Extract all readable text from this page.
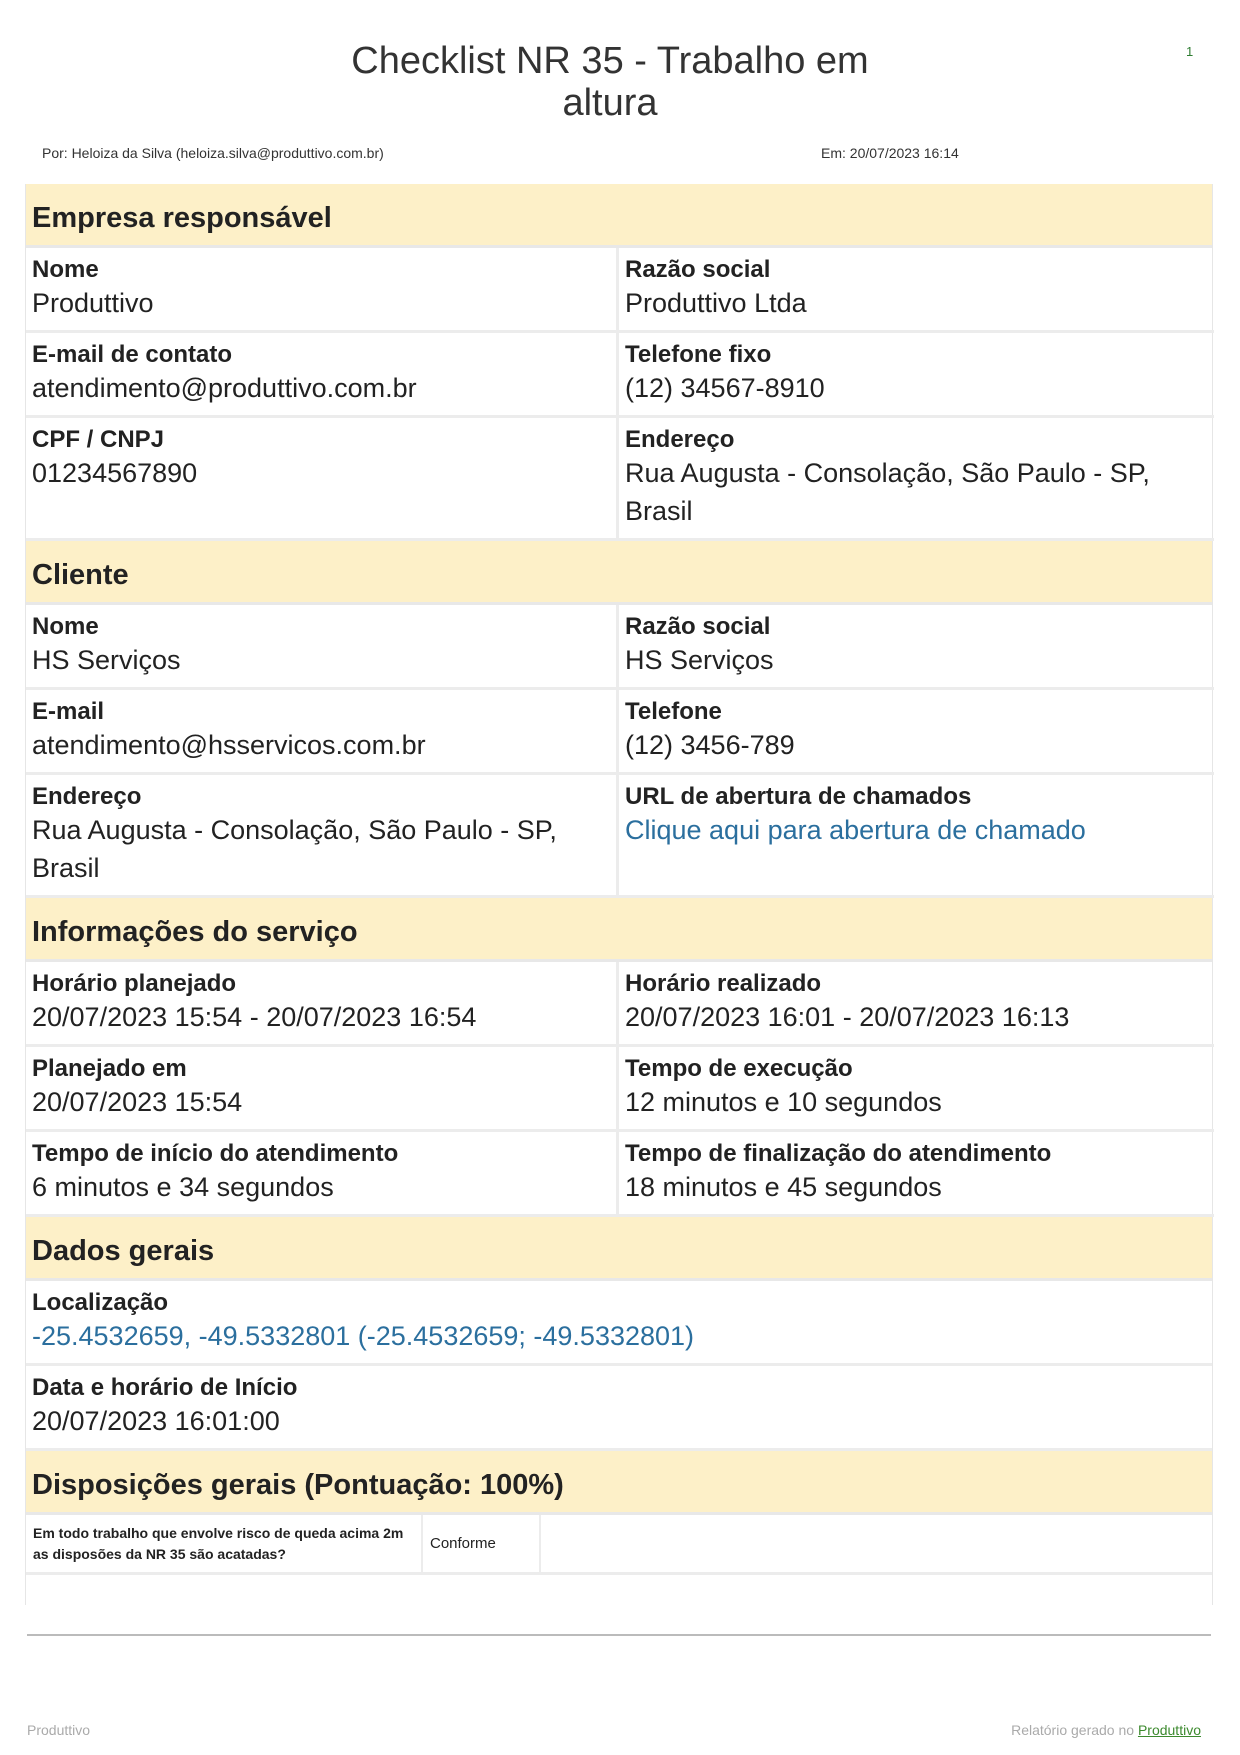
Checklist NR 35 - Trabalho em
altura
1
Por: Heloiza da Silva (heloiza.silva@produttivo.com.br)	Em: 20/07/2023 16:14
Empresa responsável
Nome
Produttivo
Razão social
Produttivo Ltda
E-mail de contato
atendimento@produttivo.com.br
Telefone fixo
(12) 34567-8910
CPF / CNPJ
01234567890
Endereço
Rua Augusta - Consolação, São Paulo - SP, Brasil
Cliente
Nome
HS Serviços
Razão social
HS Serviços
E-mail
atendimento@hsservicos.com.br
Telefone
(12) 3456-789
Endereço
Rua Augusta - Consolação, São Paulo - SP, Brasil
URL de abertura de chamados
Clique aqui para abertura de chamado
Informações do serviço
Horário planejado
20/07/2023 15:54 - 20/07/2023 16:54
Horário realizado
20/07/2023 16:01 - 20/07/2023 16:13
Planejado em
20/07/2023 15:54
Tempo de execução
12 minutos e 10 segundos
Tempo de início do atendimento
6 minutos e 34 segundos
Tempo de finalização do atendimento
18 minutos e 45 segundos
Dados gerais
Localização
-25.4532659, -49.5332801 (-25.4532659; -49.5332801)
Data e horário de Início
20/07/2023 16:01:00
Disposições gerais (Pontuação: 100%)
Em todo trabalho que envolve risco de queda acima 2m as disposões da NR 35 são acatadas?
Conforme
Produttivo	Relatório gerado no Produttivo
